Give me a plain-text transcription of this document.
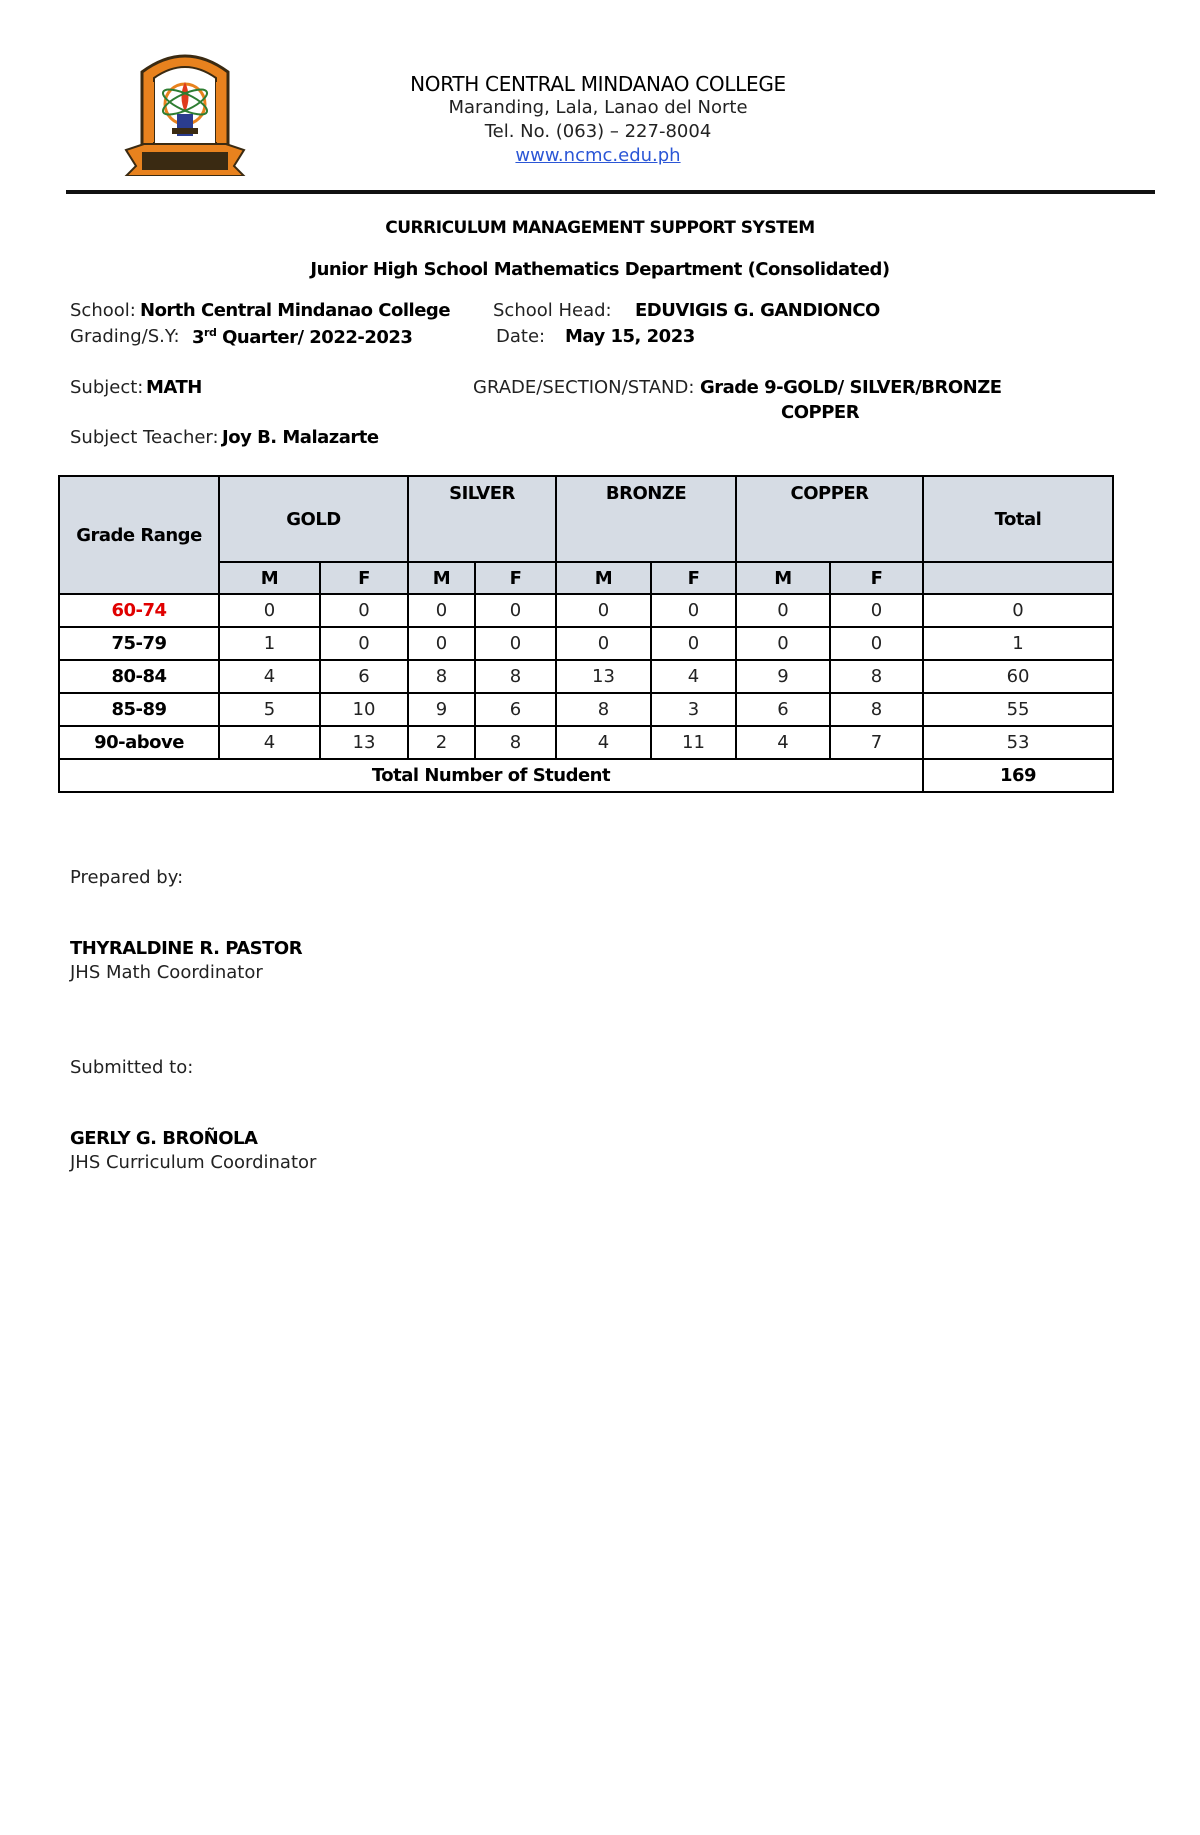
NORTH CENTRAL MINDANAO COLLEGE
Maranding, Lala, Lanao del Norte
Tel. No. (063) – 227-8004
www.ncmc.edu.ph
CURRICULUM MANAGEMENT SUPPORT SYSTEM
Junior High School Mathematics Department (Consolidated)
School: North Central Mindanao College School Head: EDUVIGIS G. GANDIONCO
Grading/S.Y: 3rd Quarter/ 2022-2023	Date: May 15, 2023
Subject: MATH	GRADE/SECTION/STAND: Grade 9-GOLD/ SILVER/BRONZE
COPPER
Subject Teacher: Joy B. Malazarte
Grade Range	GOLD		SILVER		BRONZE		COPPER		Total
	M	F	M	F	M	F	M	F	
60-74	0	0	0	0	0	0	0	0	0
75-79	1	0	0	0	0	0	0	0	1
80-84	4	6	8	8	13	4	9	8	60
85-89	5	10	9	6	8	3	6	8	55
90-above	4	13	2	8	4	11	4	7	53
Total Number of Student									169
Prepared by:
THYRALDINE R. PASTOR
JHS Math Coordinator
Submitted to:
GERLY G. BROÑOLA
JHS Curriculum Coordinator
